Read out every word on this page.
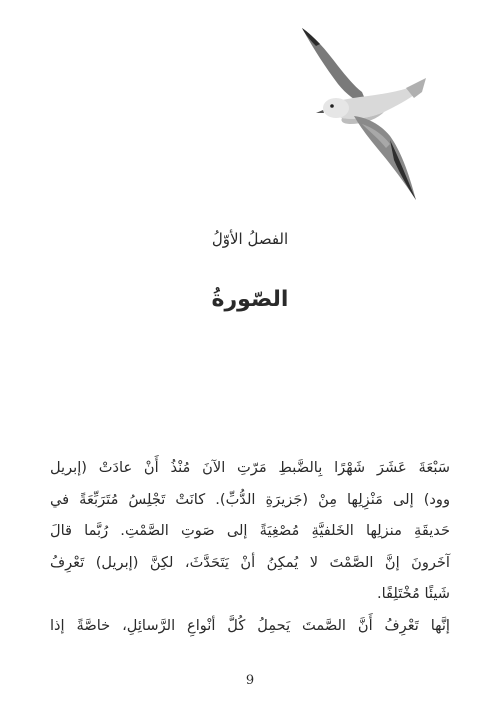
الفصلُ الأوّلُ
الصّورةُ

سَبْعَةَ عَشَرَ شَهْرًا بِالضَّبطِ مَرّتِ الآنَ مُنْذُ أَنْ عادَتْ (إبريل

وود) إلى مَنْزِلِها مِنْ (جَزيرَةِ الدُّبِّ). كانَتْ تَجْلِسُ مُتَرَبِّعَةً في

حَديقَةِ منزلِها الخَلفيَّةِ مُصْغِيَةً إلى صَوتِ الصَّمْتِ. رُبَّما قالَ

آخَرونَ إنَّ الصَّمْتَ لا يُمكِنُ أنْ يَتَحَدَّثَ، لكِنَّ (إبريل) تَعْرِفُ

شَيئًا مُخْتَلِفًا.

إنَّها تَعْرِفُ أَنَّ الصَّمتَ يَحمِلُ كُلَّ أنْواعِ الرَّسائِلِ، خاصَّةً إذا

9
